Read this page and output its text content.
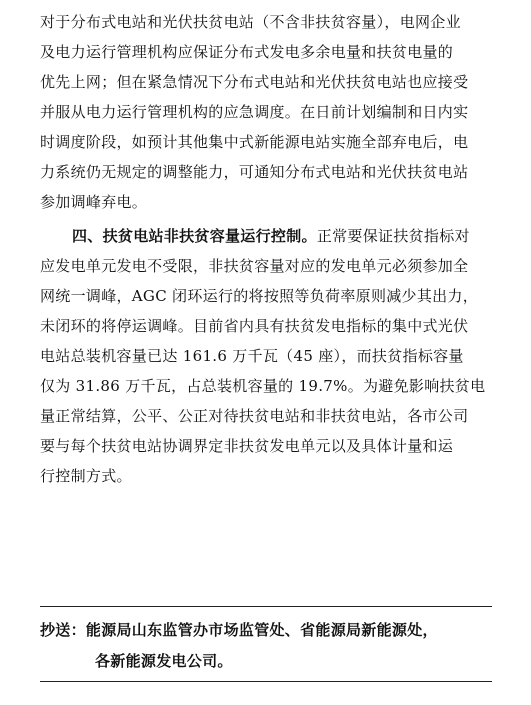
对于分布式电站和光伏扶贫电站（不含非扶贫容量），电网企业
及电力运行管理机构应保证分布式发电多余电量和扶贫电量的
优先上网；但在紧急情况下分布式电站和光伏扶贫电站也应接受
并服从电力运行管理机构的应急调度。在日前计划编制和日内实
时调度阶段，如预计其他集中式新能源电站实施全部弃电后，电
力系统仍无规定的调整能力，可通知分布式电站和光伏扶贫电站
参加调峰弃电。
四、扶贫电站非扶贫容量运行控制。正常要保证扶贫指标对
应发电单元发电不受限，非扶贫容量对应的发电单元必须参加全
网统一调峰，AGC 闭环运行的将按照等负荷率原则减少其出力，
未闭环的将停运调峰。目前省内具有扶贫发电指标的集中式光伏
电站总装机容量已达 161.6 万千瓦（45 座），而扶贫指标容量
仅为 31.86 万千瓦，占总装机容量的 19.7%。为避免影响扶贫电
量正常结算，公平、公正对待扶贫电站和非扶贫电站，各市公司
要与每个扶贫电站协调界定非扶贫发电单元以及具体计量和运
行控制方式。
抄送：能源局山东监管办市场监管处、省能源局新能源处，
各新能源发电公司。
